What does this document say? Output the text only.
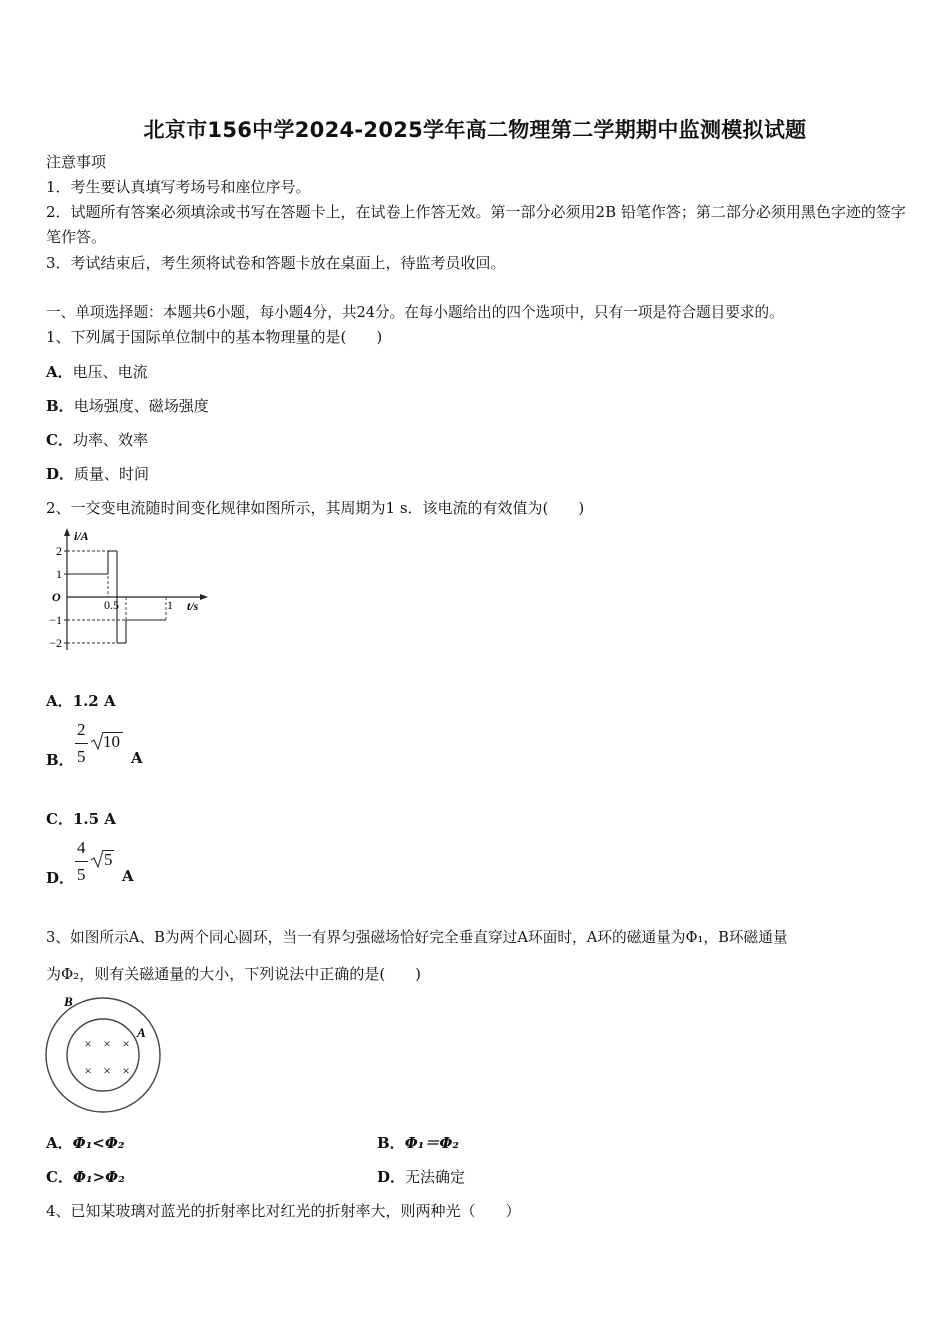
北京市156中学2024-2025学年高二物理第二学期期中监测模拟试题
注意事项
1．考生要认真填写考场号和座位序号。
2．试题所有答案必须填涂或书写在答题卡上，在试卷上作答无效。第一部分必须用2B 铅笔作答；第二部分必须用黑色字迹的签字笔作答。
3．考试结束后，考生须将试卷和答题卡放在桌面上，待监考员收回。
一、单项选择题：本题共6小题，每小题4分，共24分。在每小题给出的四个选项中，只有一项是符合题目要求的。
1、下列属于国际单位制中的基本物理量的是(　　)
A．电压、电流
B．电场强度、磁场强度
C．功率、效率
D．质量、时间
2、一交变电流随时间变化规律如图所示，其周期为1 s．该电流的有效值为(　　)
i/A
t/s
O
2
1
−1
−2
0.5	1
A．1.2 A
B．
2
5
10
A
C．1.5 A
D．
4
5
5
A
3、如图所示A、B为两个同心圆环，当一有界匀强磁场恰好完全垂直穿过A环面时，A环的磁通量为Φ₁，B环磁通量
为Φ₂，则有关磁通量的大小，下列说法中正确的是(　　)
B
A
× × ×
× × ×
A．Φ₁<Φ₂	B．Φ₁＝Φ₂
C．Φ₁>Φ₂	D．无法确定
4、已知某玻璃对蓝光的折射率比对红光的折射率大，则两种光（　　）
